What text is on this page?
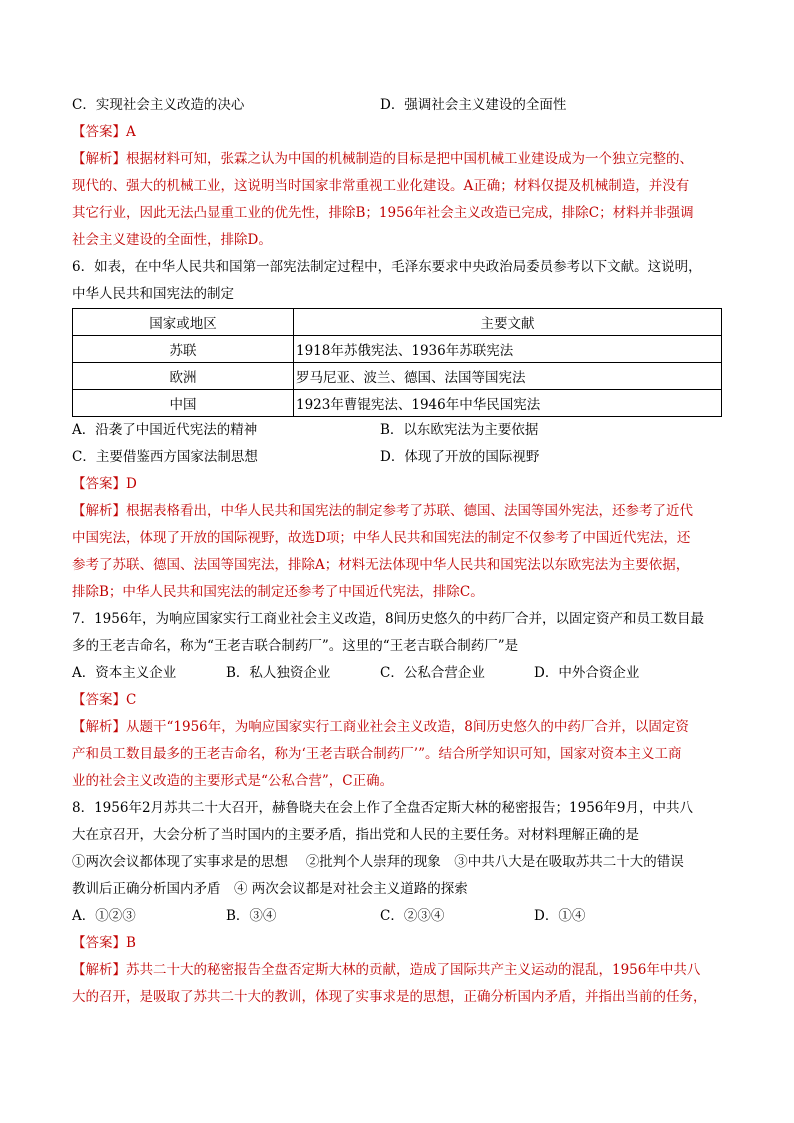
C．实现社会主义改造的决心	D．强调社会主义建设的全面性
【答案】A
【解析】根据材料可知，张霖之认为中国的机械制造的目标是把中国机械工业建设成为一个独立完整的、
现代的、强大的机械工业，这说明当时国家非常重视工业化建设。A正确；材料仅提及机械制造，并没有
其它行业，因此无法凸显重工业的优先性，排除B；1956年社会主义改造已完成，排除C；材料并非强调
社会主义建设的全面性，排除D。
6．如表，在中华人民共和国第一部宪法制定过程中，毛泽东要求中央政治局委员参考以下文献。这说明，
中华人民共和国宪法的制定
国家或地区	主要文献
苏联	1918年苏俄宪法、1936年苏联宪法
欧洲	罗马尼亚、波兰、德国、法国等国宪法
中国	1923年曹锟宪法、1946年中华民国宪法
A．沿袭了中国近代宪法的精神	B．以东欧宪法为主要依据
C．主要借鉴西方国家法制思想	D．体现了开放的国际视野
【答案】D
【解析】根据表格看出，中华人民共和国宪法的制定参考了苏联、德国、法国等国外宪法，还参考了近代
中国宪法，体现了开放的国际视野，故选D项；中华人民共和国宪法的制定不仅参考了中国近代宪法，还
参考了苏联、德国、法国等国宪法，排除A；材料无法体现中华人民共和国宪法以东欧宪法为主要依据，
排除B；中华人民共和国宪法的制定还参考了中国近代宪法，排除C。
7．1956年，为响应国家实行工商业社会主义改造，8间历史悠久的中药厂合并，以固定资产和员工数目最
多的王老吉命名，称为“王老吉联合制药厂”。这里的“王老吉联合制药厂”是
A．资本主义企业	B．私人独资企业	C．公私合营企业	D．中外合资企业
【答案】C
【解析】从题干“1956年，为响应国家实行工商业社会主义改造，8间历史悠久的中药厂合并，以固定资
产和员工数目最多的王老吉命名，称为‘王老吉联合制药厂’”。结合所学知识可知，国家对资本主义工商
业的社会主义改造的主要形式是“公私合营”，C正确。
8．1956年2月苏共二十大召开，赫鲁晓夫在会上作了全盘否定斯大林的秘密报告；1956年9月，中共八
大在京召开，大会分析了当时国内的主要矛盾，指出党和人民的主要任务。对材料理解正确的是
①两次会议都体现了实事求是的思想　 ②批判个人崇拜的现象　③中共八大是在吸取苏共二十大的错误
教训后正确分析国内矛盾　④ 两次会议都是对社会主义道路的探索
A．①②③	B．③④	C．②③④	D．①④
【答案】B
【解析】苏共二十大的秘密报告全盘否定斯大林的贡献，造成了国际共产主义运动的混乱，1956年中共八
大的召开，是吸取了苏共二十大的教训，体现了实事求是的思想，正确分析国内矛盾，并指出当前的任务，
